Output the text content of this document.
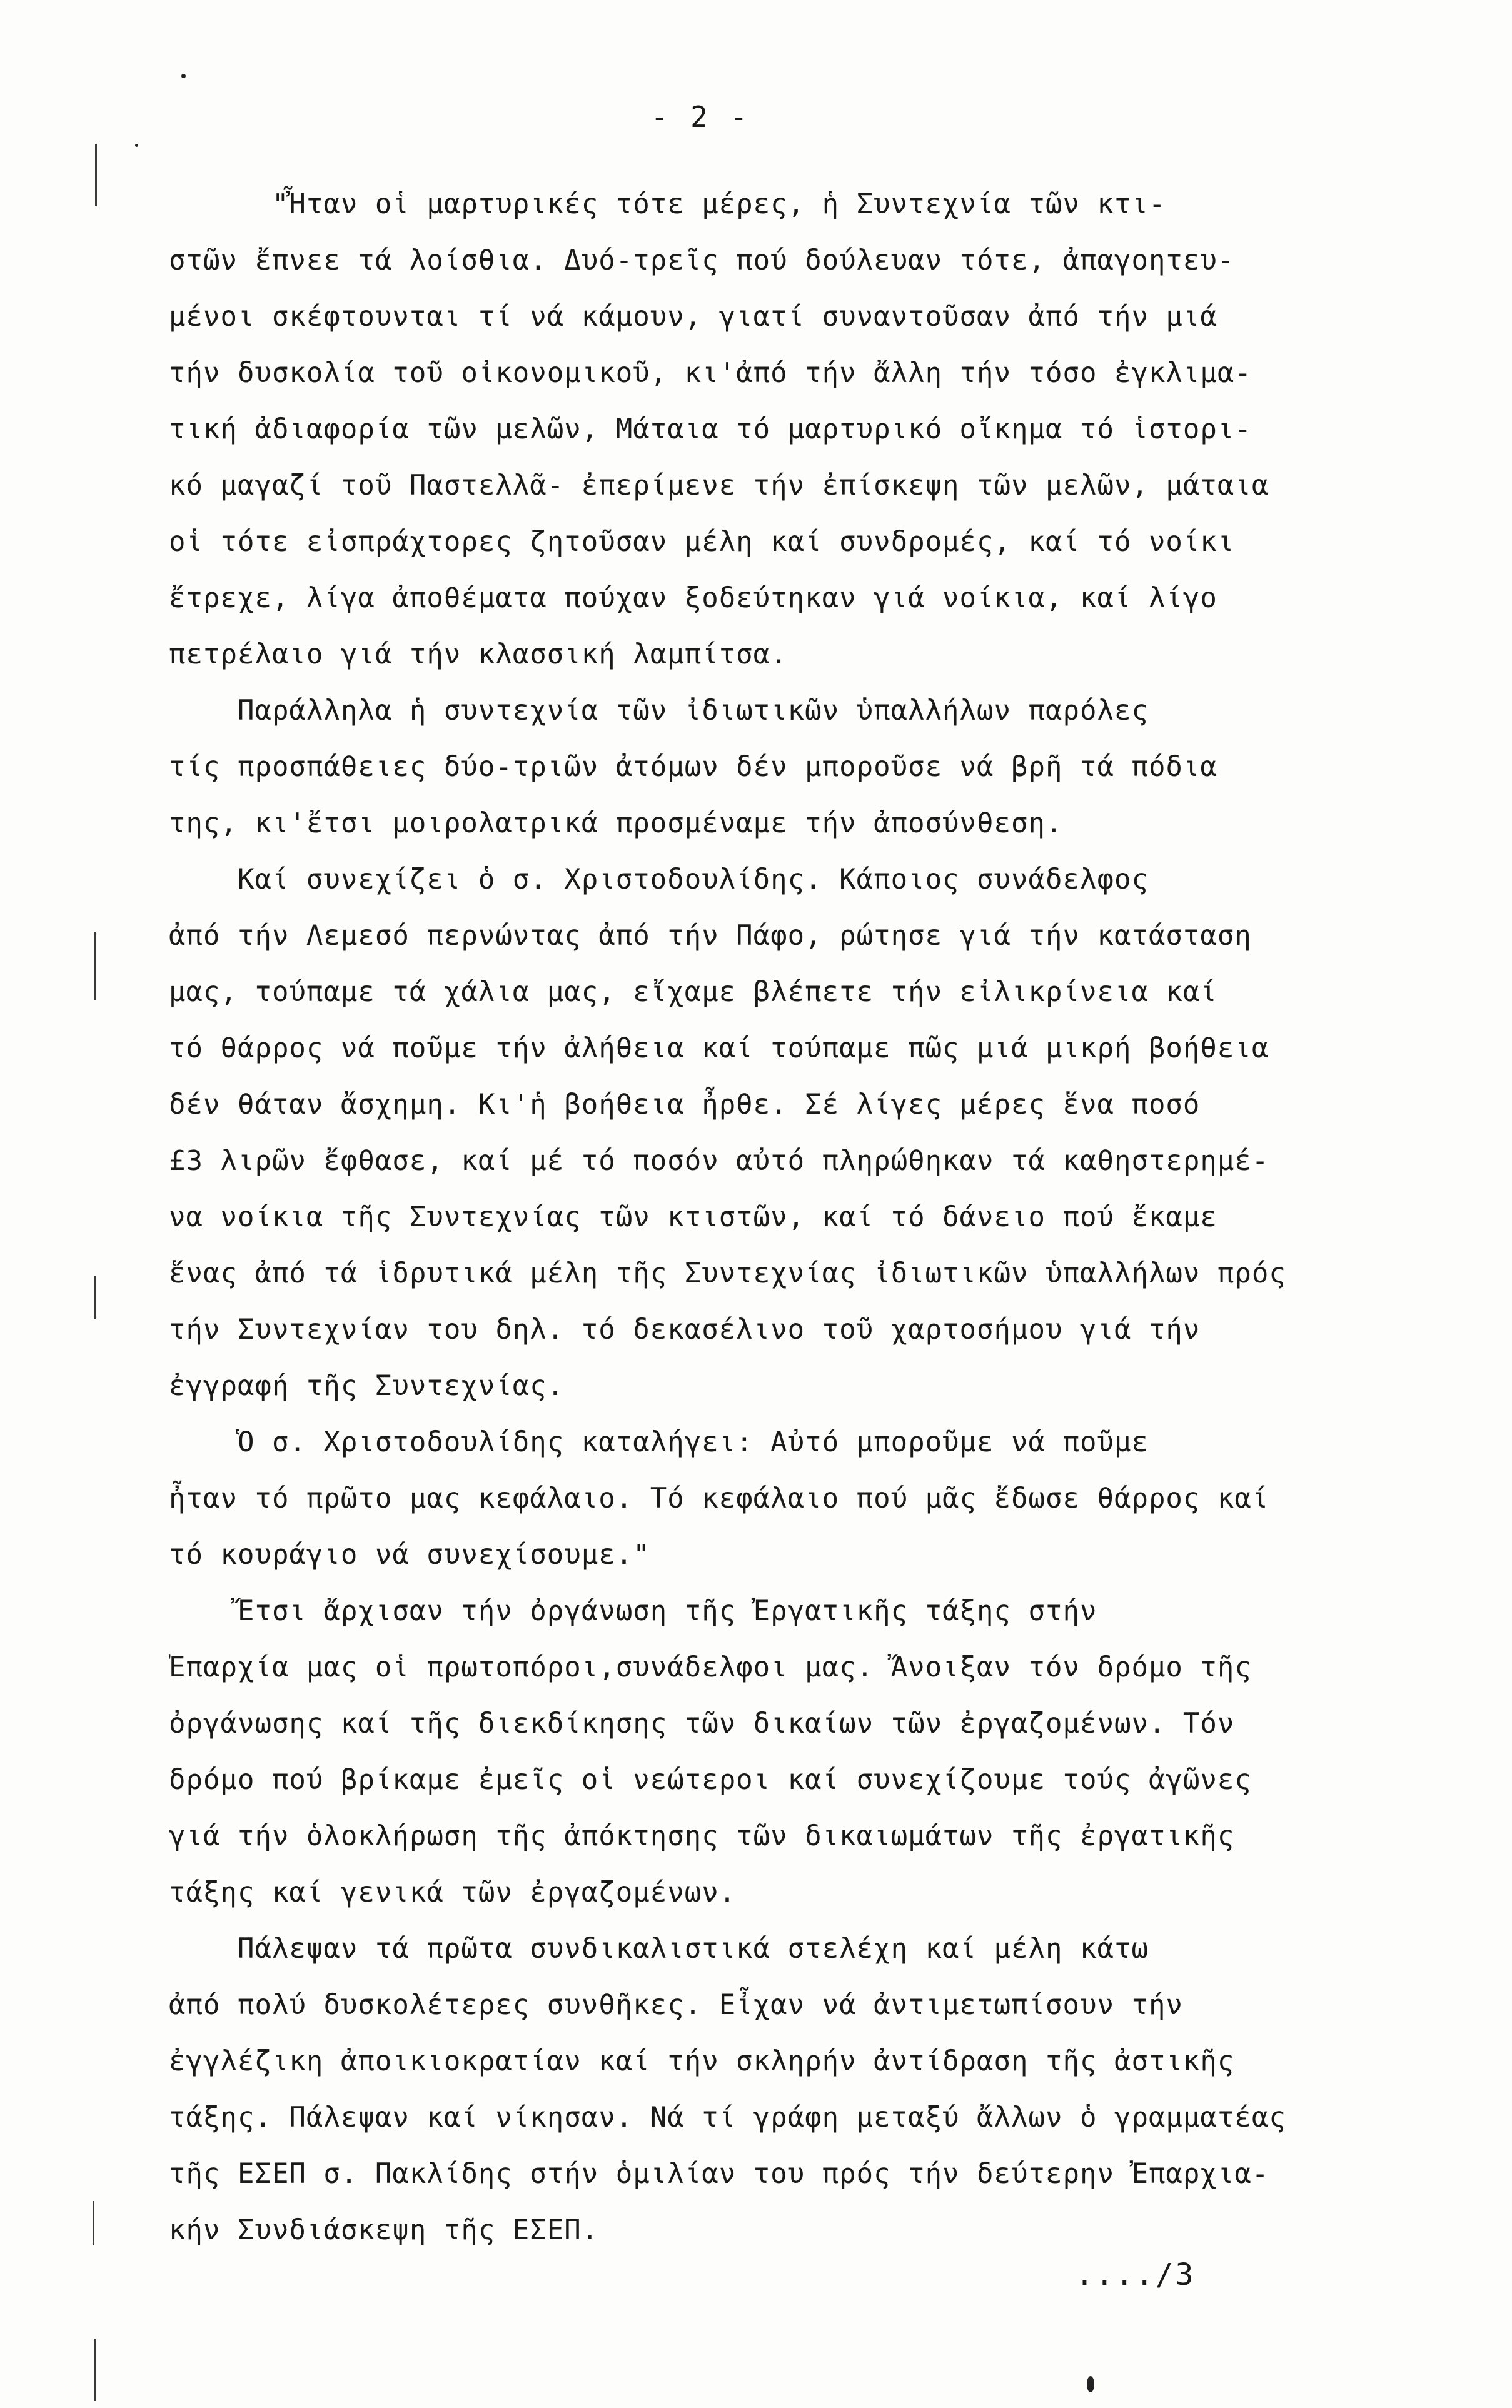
- 2 -
"Ἦταν οἱ μαρτυρικές τότε μέρες, ἡ Συντεχνία τῶν κτι-
στῶν ἔπνεε τά λοίσθια. Δυό-τρεῖς πού δούλευαν τότε, ἀπαγοητευ-
μένοι σκέφτουνται τί νά κάμουν, γιατί συναντοῦσαν ἀπό τήν μιά
τήν δυσκολία τοῦ οἰκονομικοῦ, κι'ἀπό τήν ἄλλη τήν τόσο ἐγκλιμα-
τική ἀδιαφορία τῶν μελῶν, Μάταια τό μαρτυρικό οἴκημα τό ἱστορι-
κό μαγαζί τοῦ Παστελλᾶ- ἐπερίμενε τήν ἐπίσκεψη τῶν μελῶν, μάταια
οἱ τότε εἰσπράχτορες ζητοῦσαν μέλη καί συνδρομές, καί τό νοίκι
ἔτρεχε, λίγα ἀποθέματα πούχαν ξοδεύτηκαν γιά νοίκια, καί λίγο
πετρέλαιο γιά τήν κλασσική λαμπίτσα.
Παράλληλα ἡ συντεχνία τῶν ἰδιωτικῶν ὑπαλλήλων παρόλες
τίς προσπάθειες δύο-τριῶν ἀτόμων δέν μποροῦσε νά βρῆ τά πόδια
της, κι'ἔτσι μοιρολατρικά προσμέναμε τήν ἀποσύνθεση.
Καί συνεχίζει ὁ σ. Χριστοδουλίδης. Κάποιος συνάδελφος
ἀπό τήν Λεμεσό περνώντας ἀπό τήν Πάφο, ρώτησε γιά τήν κατάσταση
μας, τούπαμε τά χάλια μας, εἴχαμε βλέπετε τήν εἰλικρίνεια καί
τό θάρρος νά ποῦμε τήν ἀλήθεια καί τούπαμε πῶς μιά μικρή βοήθεια
δέν θάταν ἄσχημη. Κι'ἡ βοήθεια ἦρθε. Σέ λίγες μέρες ἕνα ποσό
£3 λιρῶν ἔφθασε, καί μέ τό ποσόν αὐτό πληρώθηκαν τά καθηστερημέ-
να νοίκια τῆς Συντεχνίας τῶν κτιστῶν, καί τό δάνειο πού ἔκαμε
ἕνας ἀπό τά ἱδρυτικά μέλη τῆς Συντεχνίας ἰδιωτικῶν ὑπαλλήλων πρός
τήν Συντεχνίαν του δηλ. τό δεκασέλινο τοῦ χαρτοσήμου γιά τήν
ἐγγραφή τῆς Συντεχνίας.
Ὁ σ. Χριστοδουλίδης καταλήγει: Αὐτό μποροῦμε νά ποῦμε
ἦταν τό πρῶτο μας κεφάλαιο. Τό κεφάλαιο πού μᾶς ἔδωσε θάρρος καί
τό κουράγιο νά συνεχίσουμε."
Ἔτσι ἄρχισαν τήν ὀργάνωση τῆς Ἐργατικῆς τάξης στήν
Ἐπαρχία μας οἱ πρωτοπόροι,συνάδελφοι μας. Ἄνοιξαν τόν δρόμο τῆς
ὀργάνωσης καί τῆς διεκδίκησης τῶν δικαίων τῶν ἐργαζομένων. Τόν
δρόμο πού βρίκαμε ἐμεῖς οἱ νεώτεροι καί συνεχίζουμε τούς ἀγῶνες
γιά τήν ὁλοκλήρωση τῆς ἀπόκτησης τῶν δικαιωμάτων τῆς ἐργατικῆς
τάξης καί γενικά τῶν ἐργαζομένων.
Πάλεψαν τά πρῶτα συνδικαλιστικά στελέχη καί μέλη κάτω
ἀπό πολύ δυσκολέτερες συνθῆκες. Εἶχαν νά ἀντιμετωπίσουν τήν
ἐγγλέζικη ἀποικιοκρατίαν καί τήν σκληρήν ἀντίδραση τῆς ἀστικῆς
τάξης. Πάλεψαν καί νίκησαν. Νά τί γράφη μεταξύ ἄλλων ὁ γραμματέας
τῆς ΕΣΕΠ σ. Πακλίδης στήν ὁμιλίαν του πρός τήν δεύτερην Ἐπαρχια-
κήν Συνδιάσκεψη τῆς ΕΣΕΠ.
..../3
